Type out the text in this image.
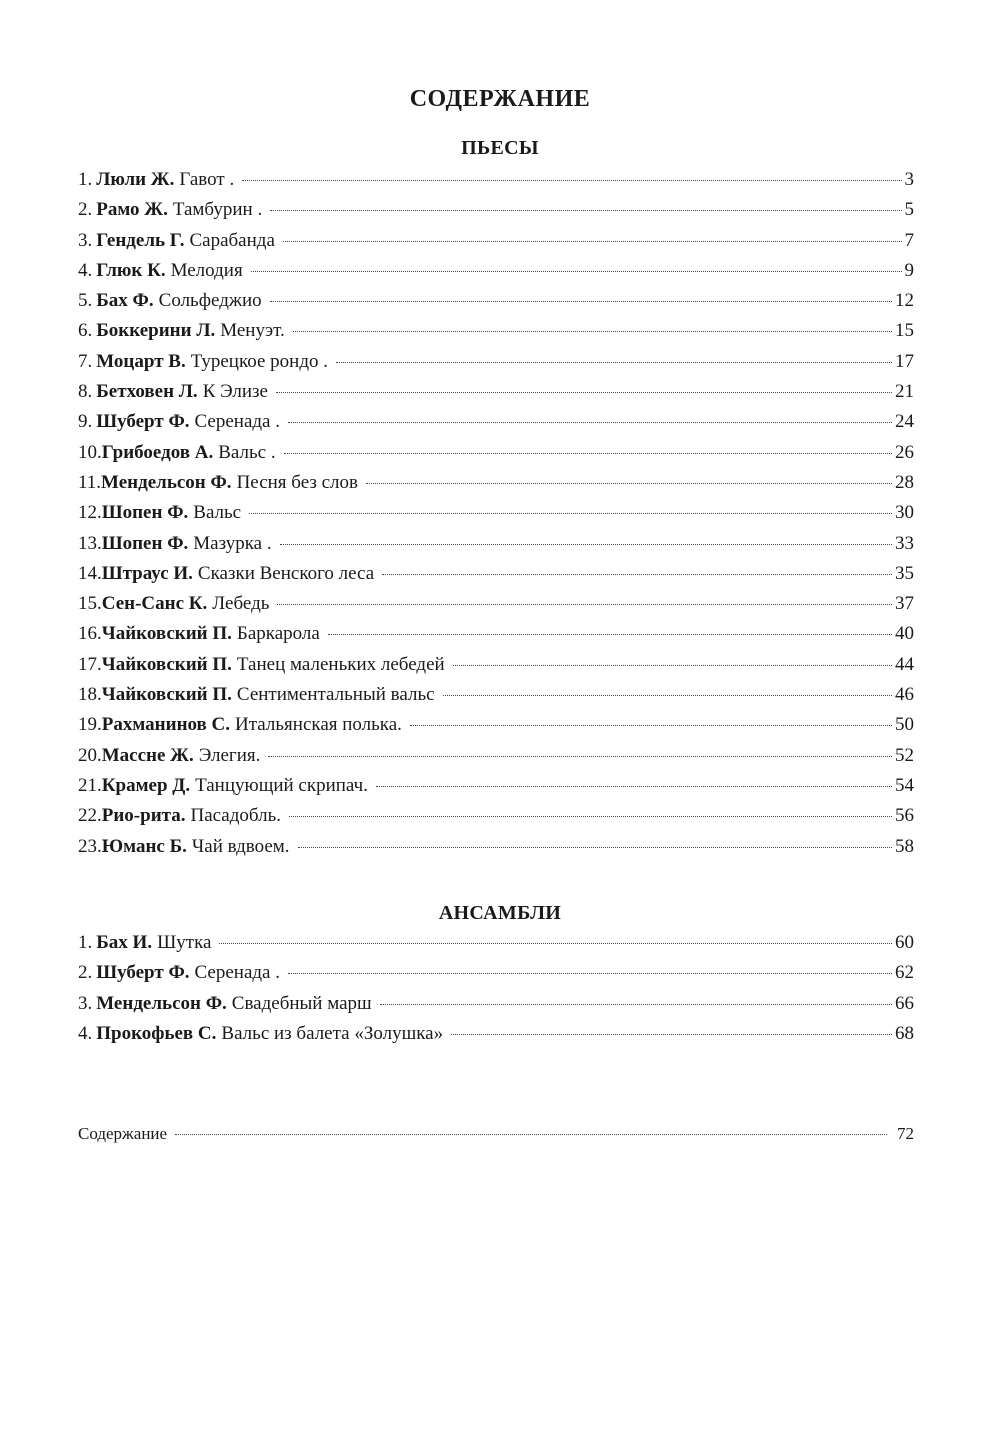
СОДЕРЖАНИЕ
ПЬЕСЫ
1. Люли Ж. Гавот .	3
2. Рамо Ж. Тамбурин .	5
3. Гендель Г. Сарабанда	7
4. Глюк К. Мелодия	9
5. Бах Ф. Сольфеджио	12
6. Боккерини Л. Менуэт.	15
7. Моцарт В. Турецкое рондо .	17
8. Бетховен Л. К Элизе	21
9. Шуберт Ф. Серенада .	24
10. Грибоедов А. Вальс .	26
11. Мендельсон Ф. Песня без слов	28
12. Шопен Ф. Вальс	30
13. Шопен Ф. Мазурка .	33
14. Штраус И. Сказки Венского леса	35
15. Сен-Санс К. Лебедь	37
16. Чайковский П. Баркарола	40
17. Чайковский П. Танец маленьких лебедей	44
18. Чайковский П. Сентиментальный вальс	46
19. Рахманинов С. Итальянская полька.	50
20. Массне Ж. Элегия.	52
21. Крамер Д. Танцующий скрипач.	54
22. Рио-рита. Пасадобль.	56
23. Юманс Б. Чай вдвоем.	58
АНСАМБЛИ
1. Бах И. Шутка	60
2. Шуберт Ф. Серенада .	62
3. Мендельсон Ф. Свадебный марш	66
4. Прокофьев С. Вальс из балета «Золушка»	68
Содержание	72
